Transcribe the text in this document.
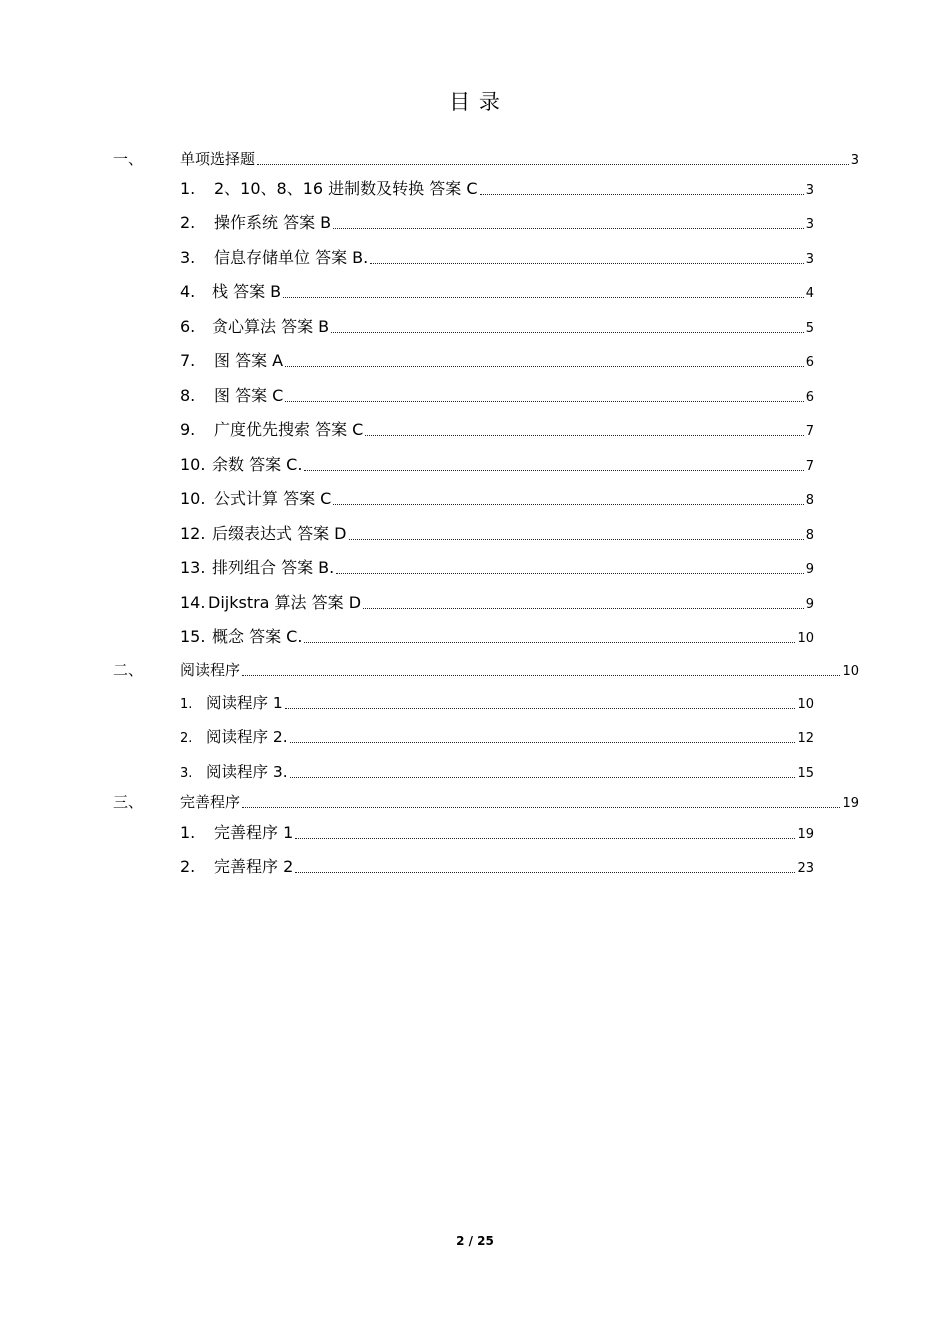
目 录
一、	单项选择题	3
1.	2、10、8、16 进制数及转换 答案 C	3
2.	操作系统 答案 B	3
3.	信息存储单位 答案 B.	3
4.	栈 答案 B	4
6.	贪心算法 答案 B	5
7.	图 答案 A	6
8.	图 答案 C	6
9.	广度优先搜索 答案 C	7
10. 余数 答案 C.	7
10. 公式计算 答案 C	8
12. 后缀表达式 答案 D	8
13. 排列组合 答案 B.	9
14. Dijkstra 算法 答案 D	9
15. 概念 答案 C.	10
二、	阅读程序	10
1. 阅读程序 1	10
2. 阅读程序 2.	12
3. 阅读程序 3.	15
三、	完善程序	19
1.	完善程序 1	19
2.	完善程序 2	23
2 / 25
